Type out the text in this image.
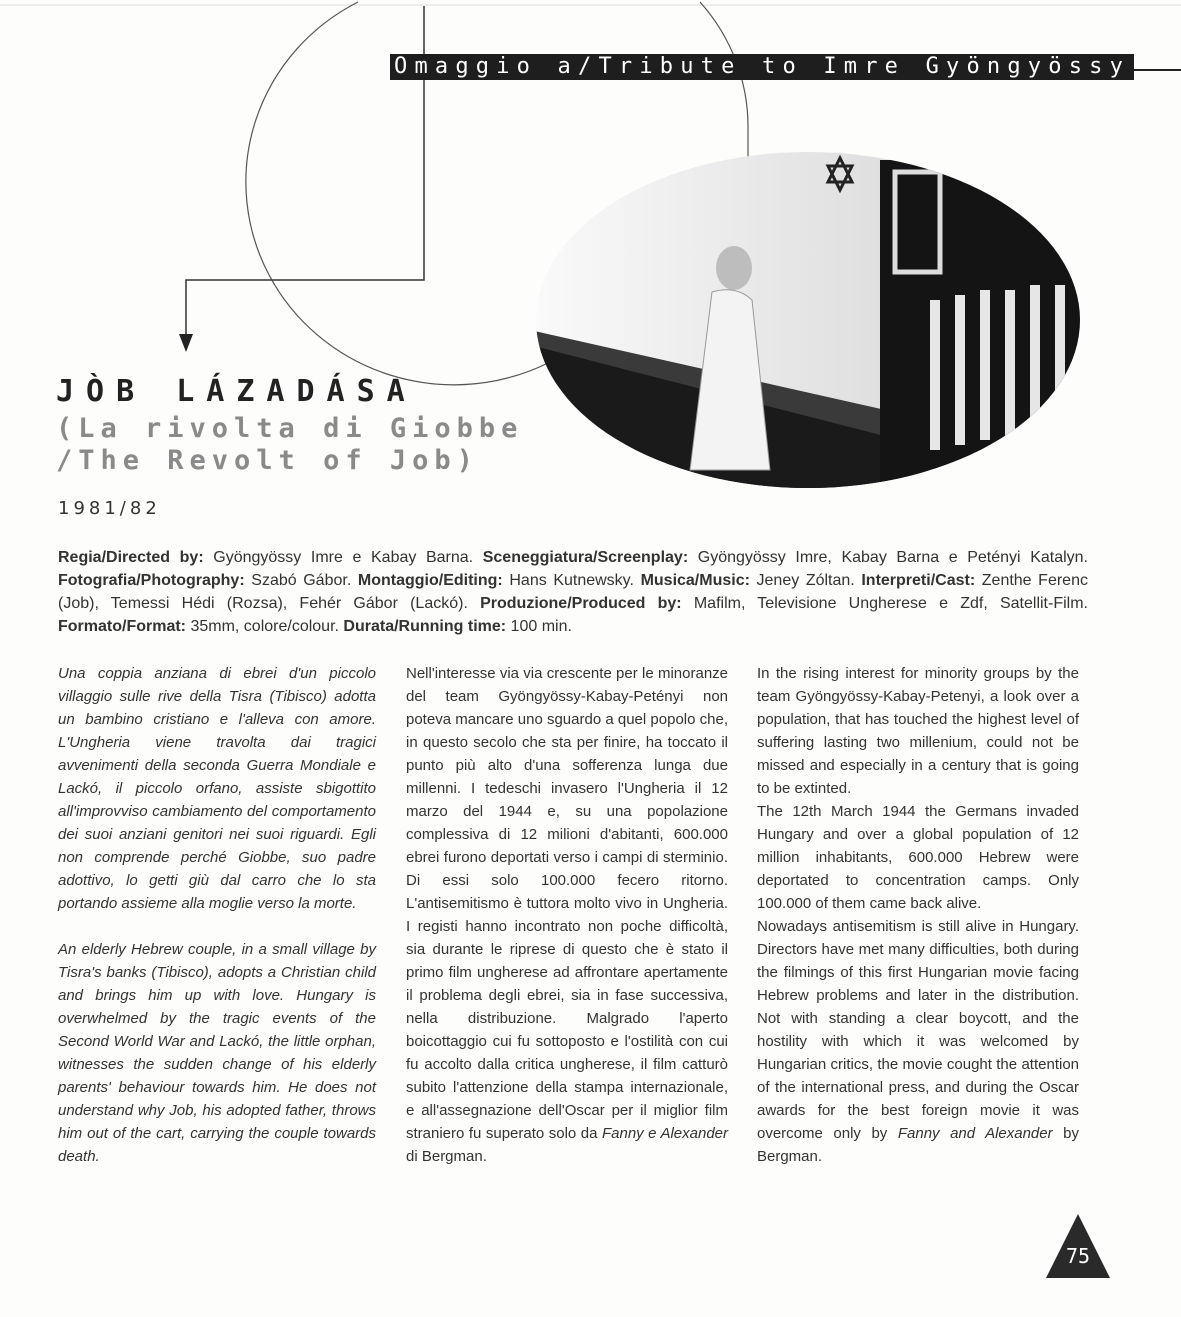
Omaggio a/Tribute to Imre Gyöngyössy
JÒB LÁZADÁSA
(La rivolta di Giobbe
/The Revolt of Job)
1981/82
Regia/Directed by: Gyöngyössy Imre e Kabay Barna. Sceneggiatura/Screenplay: Gyöngyössy Imre, Kabay Barna e Petényi Katalyn. Fotografia/Photography: Szabó Gábor. Montaggio/Editing: Hans Kutnewsky. Musica/Music: Jeney Zóltan. Interpreti/Cast: Zenthe Ferenc (Job), Temessi Hédi (Rozsa), Fehér Gábor (Lackó). Produzione/Produced by: Mafilm, Televisione Ungherese e Zdf, Satellit-Film. Formato/Format: 35mm, colore/colour. Durata/Running time: 100 min.

Una coppia anziana di ebrei d'un piccolo villaggio sulle rive della Tisra (Tibisco) adotta un bambino cristiano e l'alleva con amore. L'Ungheria viene travolta dai tragici avvenimenti della seconda Guerra Mondiale e Lackó, il piccolo orfano, assiste sbigottito all'improvviso cambiamento del comportamento dei suoi anziani genitori nei suoi riguardi. Egli non comprende perché Giobbe, suo padre adottivo, lo getti giù dal carro che lo sta portando assieme alla moglie verso la morte.

An elderly Hebrew couple, in a small village by Tisra's banks (Tibisco), adopts a Christian child and brings him up with love. Hungary is overwhelmed by the tragic events of the Second World War and Lackó, the little orphan, witnesses the sudden change of his elderly parents' behaviour towards him. He does not understand why Job, his adopted father, throws him out of the cart, carrying the couple towards death.

Nell'interesse via via crescente per le minoranze del team Gyöngyössy-Kabay-Petényi non poteva mancare uno sguardo a quel popolo che, in questo secolo che sta per finire, ha toccato il punto più alto d'una sofferenza lunga due millenni. I tedeschi invasero l'Ungheria il 12 marzo del 1944 e, su una popolazione complessiva di 12 milioni d'abitanti, 600.000 ebrei furono deportati verso i campi di sterminio. Di essi solo 100.000 fecero ritorno. L'antisemitismo è tuttora molto vivo in Ungheria. I registi hanno incontrato non poche difficoltà, sia durante le riprese di questo che è stato il primo film ungherese ad affrontare apertamente il problema degli ebrei, sia in fase successiva, nella distribuzione. Malgrado l'aperto boicottaggio cui fu sottoposto e l'ostilità con cui fu accolto dalla critica ungherese, il film catturò subito l'attenzione della stampa internazionale, e all'assegnazione dell'Oscar per il miglior film straniero fu superato solo da Fanny e Alexander di Bergman.

In the rising interest for minority groups by the team Gyöngyössy-Kabay-Petenyi, a look over a population, that has touched the highest level of suffering lasting two millenium, could not be missed and especially in a century that is going to be extinted.

The 12th March 1944 the Germans invaded Hungary and over a global population of 12 million inhabitants, 600.000 Hebrew were deportated to concentration camps. Only 100.000 of them came back alive.

Nowadays antisemitism is still alive in Hungary. Directors have met many difficulties, both during the filmings of this first Hungarian movie facing Hebrew problems and later in the distribution. Not with standing a clear boycott, and the hostility with which it was welcomed by Hungarian critics, the movie cought the attention of the international press, and during the Oscar awards for the best foreign movie it was overcome only by Fanny and Alexander by Bergman.

75
